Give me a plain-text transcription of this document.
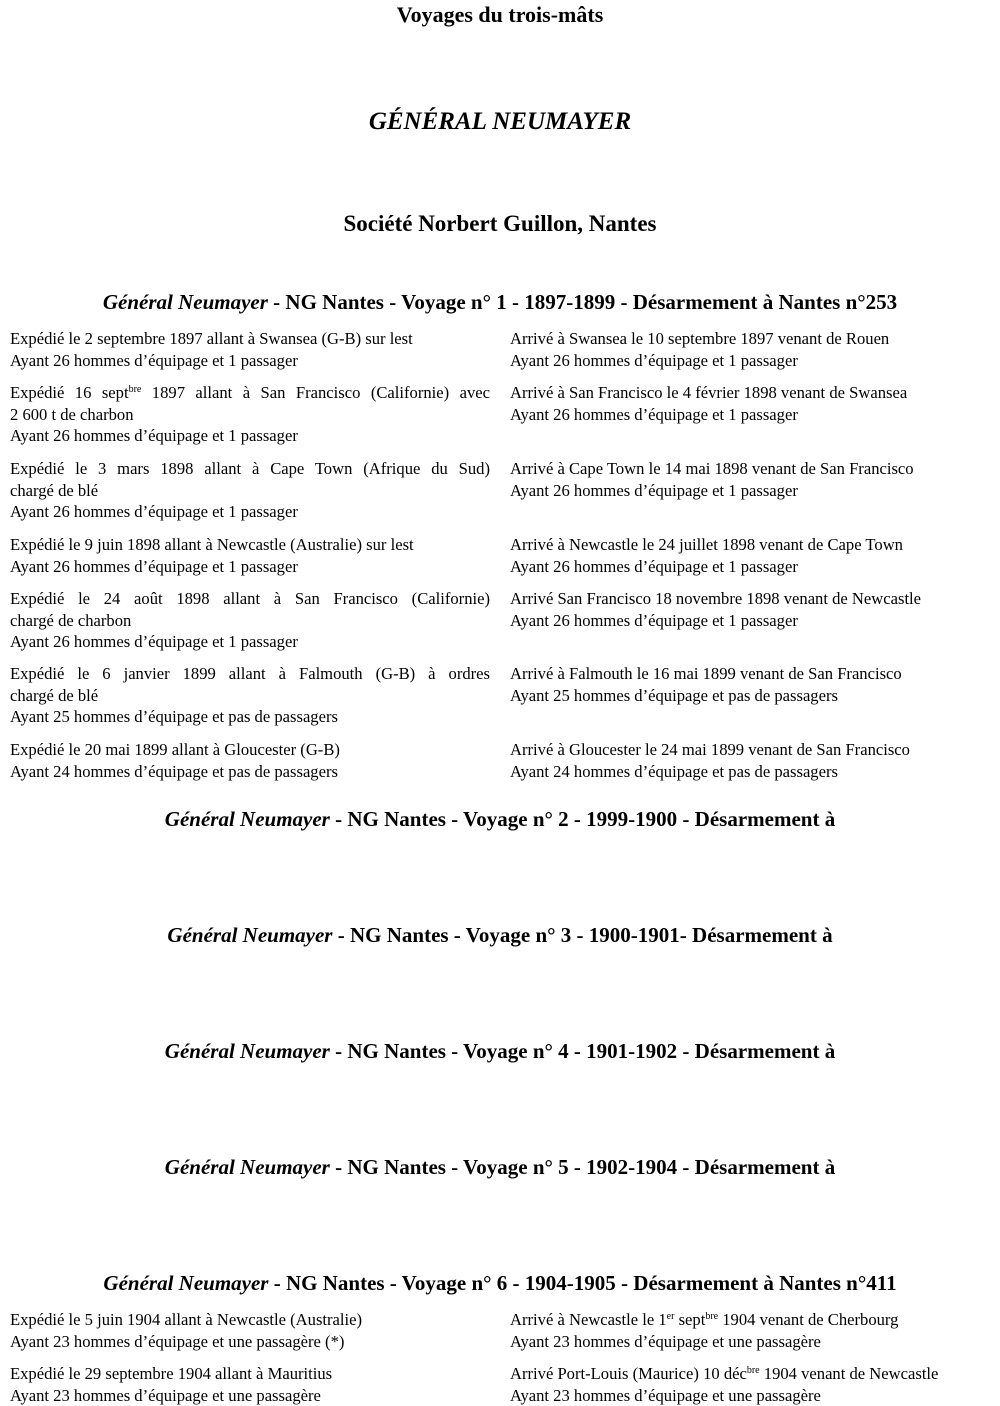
Voyages du trois-mâts
GÉNÉRAL NEUMAYER
Société Norbert Guillon, Nantes
Général Neumayer - NG Nantes - Voyage n° 1 - 1897-1899 - Désarmement à Nantes n°253
Expédié le 2 septembre 1897 allant à Swansea (G-B) sur lest
Ayant 26 hommes d’équipage et 1 passager
Arrivé à Swansea le 10 septembre 1897 venant de Rouen
Ayant 26 hommes d’équipage et 1 passager
Expédié 16 sept$^{bre}$ 1897 allant à San Francisco (Californie) avec
2 600 t de charbon
Ayant 26 hommes d’équipage et 1 passager
Arrivé à San Francisco le 4 février 1898 venant de Swansea
Ayant 26 hommes d’équipage et 1 passager
Expédié le 3 mars 1898 allant à Cape Town (Afrique du Sud)
chargé de blé
Ayant 26 hommes d’équipage et 1 passager
Arrivé à Cape Town le 14 mai 1898 venant de San Francisco
Ayant 26 hommes d’équipage et 1 passager
Expédié le 9 juin 1898 allant à Newcastle (Australie) sur lest
Ayant 26 hommes d’équipage et 1 passager
Arrivé à Newcastle le 24 juillet 1898 venant de Cape Town
Ayant 26 hommes d’équipage et 1 passager
Expédié le 24 août 1898 allant à San Francisco (Californie)
chargé de charbon
Ayant 26 hommes d’équipage et 1 passager
Arrivé San Francisco 18 novembre 1898 venant de Newcastle
Ayant 26 hommes d’équipage et 1 passager
Expédié le 6 janvier 1899 allant à Falmouth (G-B) à ordres
chargé de blé
Ayant 25 hommes d’équipage et pas de passagers
Arrivé à Falmouth le 16 mai 1899 venant de San Francisco
Ayant 25 hommes d’équipage et pas de passagers
Expédié le 20 mai 1899 allant à Gloucester (G-B)
Ayant 24 hommes d’équipage et pas de passagers
Arrivé à Gloucester le 24 mai 1899 venant de San Francisco
Ayant 24 hommes d’équipage et pas de passagers
Général Neumayer - NG Nantes - Voyage n° 2 - 1999-1900 - Désarmement à
Général Neumayer - NG Nantes - Voyage n° 3 - 1900-1901- Désarmement à
Général Neumayer - NG Nantes - Voyage n° 4 - 1901-1902 - Désarmement à
Général Neumayer - NG Nantes - Voyage n° 5 - 1902-1904 - Désarmement à
Général Neumayer - NG Nantes - Voyage n° 6 - 1904-1905 - Désarmement à Nantes n°411
Expédié le 5 juin 1904 allant à Newcastle (Australie)
Ayant 23 hommes d’équipage et une passagère (*)
Arrivé à Newcastle le 1er sept$^{bre}$ 1904 venant de Cherbourg
Ayant 23 hommes d’équipage et une passagère
Expédié le 29 septembre 1904 allant à Mauritius
Ayant 23 hommes d’équipage et une passagère
Arrivé Port-Louis (Maurice) 10 déc$^{bre}$ 1904 venant de Newcastle
Ayant 23 hommes d’équipage et une passagère
